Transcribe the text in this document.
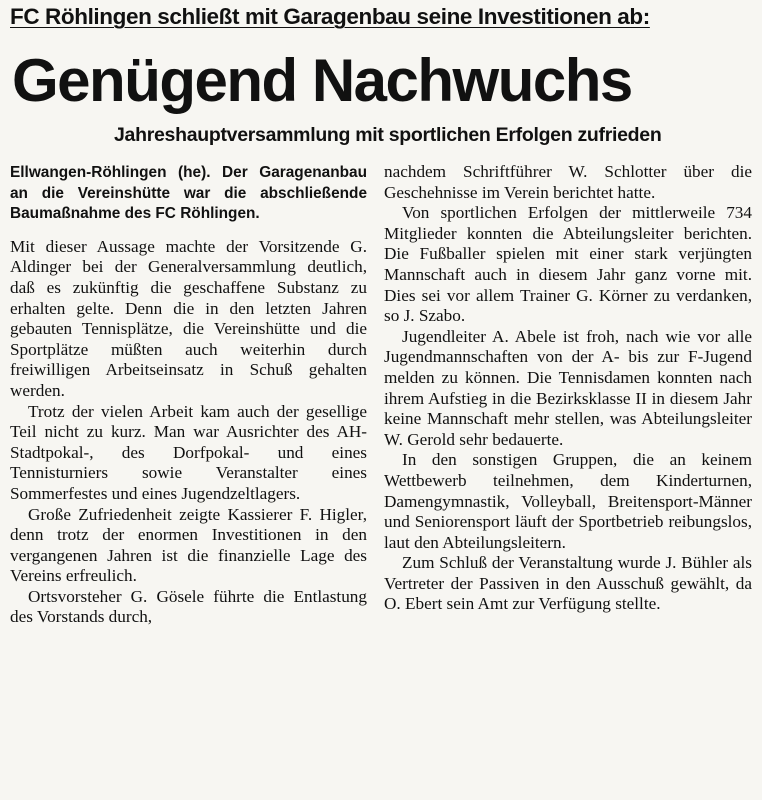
FC Röhlingen schließt mit Garagenbau seine Investitionen ab:
Genügend Nachwuchs
Jahreshauptversammlung mit sportlichen Erfolgen zufrieden

Ellwangen-Röhlingen (he). Der Garagenanbau an die Vereinshütte war die abschließende Baumaßnahme des FC Röhlingen.

Mit dieser Aussage machte der Vorsitzende G. Aldinger bei der Generalversammlung deutlich, daß es zukünftig die geschaffene Substanz zu erhalten gelte. Denn die in den letzten Jahren gebauten Tennisplätze, die Vereinshütte und die Sportplätze müßten auch weiterhin durch freiwilligen Arbeitseinsatz in Schuß gehalten werden.

Trotz der vielen Arbeit kam auch der gesellige Teil nicht zu kurz. Man war Ausrichter des AH-Stadtpokal-, des Dorfpokal- und eines Tennisturniers sowie Veranstalter eines Sommerfestes und eines Jugendzeltlagers.

Große Zufriedenheit zeigte Kassierer F. Higler, denn trotz der enormen Investitionen in den vergangenen Jahren ist die finanzielle Lage des Vereins erfreulich.

Ortsvorsteher G. Gösele führte die Entlastung des Vorstands durch,

nachdem Schriftführer W. Schlotter über die Geschehnisse im Verein berichtet hatte.

Von sportlichen Erfolgen der mittlerweile 734 Mitglieder konnten die Abteilungsleiter berichten. Die Fußballer spielen mit einer stark verjüngten Mannschaft auch in diesem Jahr ganz vorne mit. Dies sei vor allem Trainer G. Körner zu verdanken, so J. Szabo.

Jugendleiter A. Abele ist froh, nach wie vor alle Jugendmannschaften von der A- bis zur F-Jugend melden zu können. Die Tennisdamen konnten nach ihrem Aufstieg in die Bezirksklasse II in diesem Jahr keine Mannschaft mehr stellen, was Abteilungsleiter W. Gerold sehr bedauerte.

In den sonstigen Gruppen, die an keinem Wettbewerb teilnehmen, dem Kinderturnen, Damengymnastik, Volleyball, Breitensport-Männer und Seniorensport läuft der Sportbetrieb reibungslos, laut den Abteilungsleitern.

Zum Schluß der Veranstaltung wurde J. Bühler als Vertreter der Passiven in den Ausschuß gewählt, da O. Ebert sein Amt zur Verfügung stellte.
